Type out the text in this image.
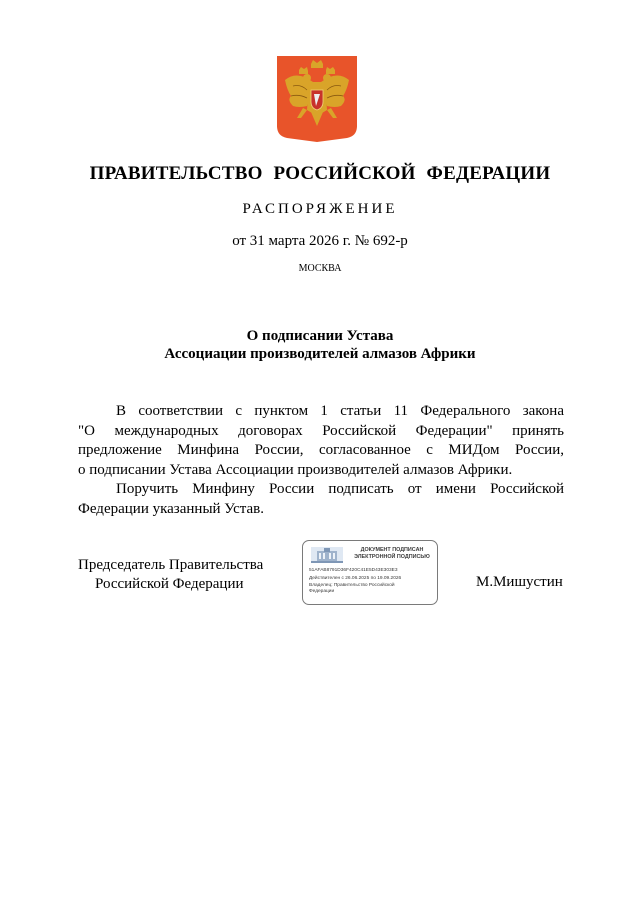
ПРАВИТЕЛЬСТВО РОССИЙСКОЙ ФЕДЕРАЦИИ
РАСПОРЯЖЕНИЕ
от 31 марта 2026 г. № 692-р
МОСКВА
О подписании Устава
Ассоциации производителей алмазов Африки
В соответствии с пунктом 1 статьи 11 Федерального закона
"О международных договорах Российской Федерации" принять
предложение Минфина России, согласованное с МИДом России,
о подписании Устава Ассоциации производителей алмазов Африки.
Поручить Минфину России подписать от имени Российской
Федерации указанный Устав.
Председатель Правительства
Российской Федерации
ДОКУМЕНТ ПОДПИСАН
ЭЛЕКТРОННОЙ ПОДПИСЬЮ
51AFAB8791D36F420C41E5D43E303E3
Действителен с 26.06.2025 по 19.09.2026
Владелец: Правительство Российской
Федерации
М.Мишустин
